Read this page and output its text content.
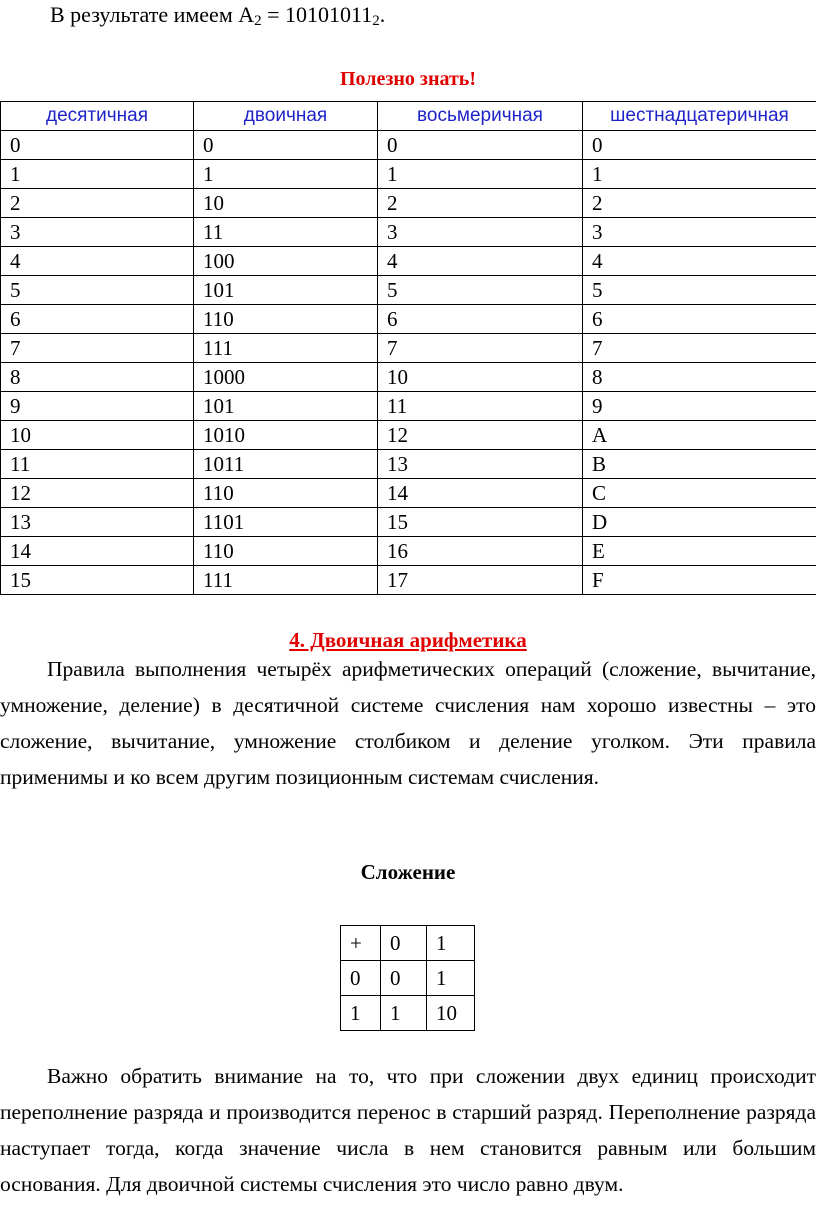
В результате имеем $А_2 = 10101011_2$.
Полезно знать!
десятичная	двоичная	восьмеричная	шестнадцатеричная
0	0	0	0
1	1	1	1
2	10	2	2
3	11	3	3
4	100	4	4
5	101	5	5
6	110	6	6
7	111	7	7
8	1000	10	8
9	101	11	9
10	1010	12	A
11	1011	13	B
12	110	14	C
13	1101	15	D
14	110	16	E
15	111	17	F
4. Двоичная арифметика

Правила выполнения четырёх арифметических операций (сложение, вычитание, умножение, деление) в десятичной системе счисления нам хорошо известны – это сложение, вычитание, умножение столбиком и деление уголком. Эти правила применимы и ко всем другим позиционным системам счисления.

Сложение
+	0	1
0	0	1
1	1	10

Важно обратить внимание на то, что при сложении двух единиц происходит переполнение разряда и производится перенос в старший разряд. Переполнение разряда наступает тогда, когда значение числа в нем становится равным или большим основания. Для двоичной системы счисления это число равно двум.
